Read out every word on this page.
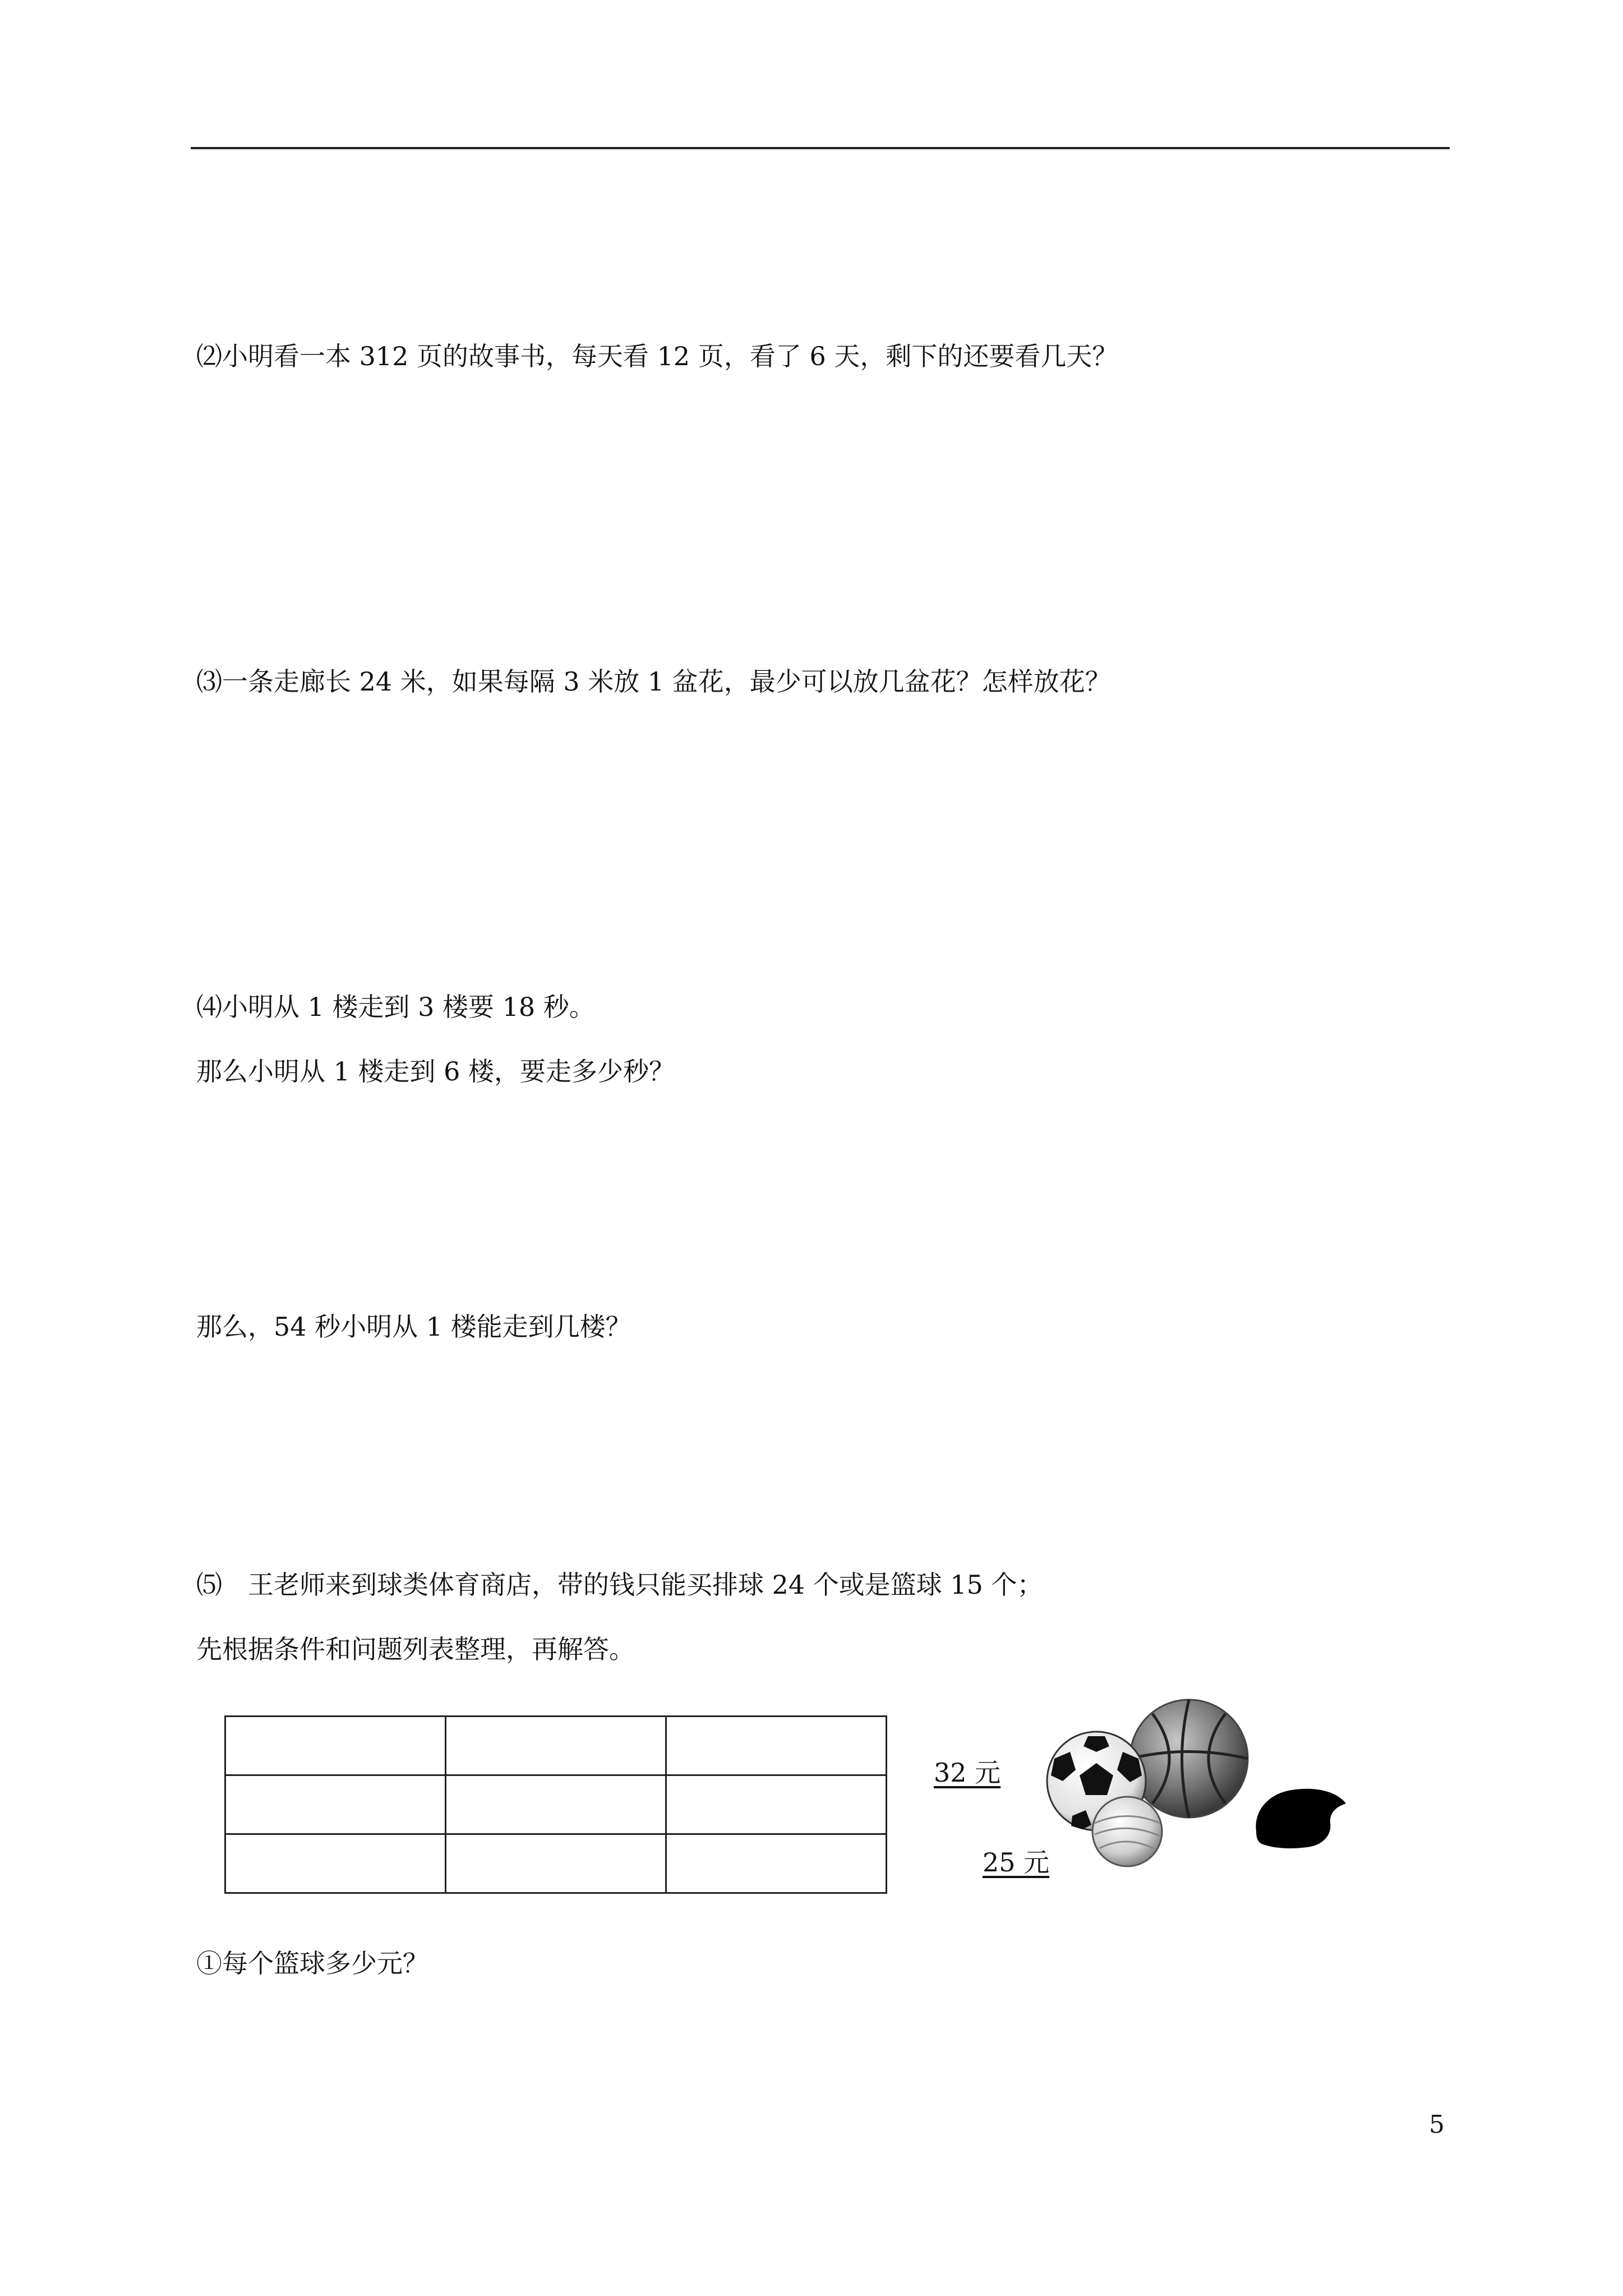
⑵小明看一本 312 页的故事书，每天看 12 页，看了 6 天，剩下的还要看几天？
⑶一条走廊长 24 米，如果每隔 3 米放 1 盆花，最少可以放几盆花？怎样放花？
⑷小明从 1 楼走到 3 楼要 18 秒。
那么小明从 1 楼走到 6 楼，要走多少秒？
那么，54 秒小明从 1 楼能走到几楼？
⑸　王老师来到球类体育商店，带的钱只能买排球 24 个或是篮球 15 个；
先根据条件和问题列表整理，再解答。

32 元
25 元
①每个篮球多少元？
5
